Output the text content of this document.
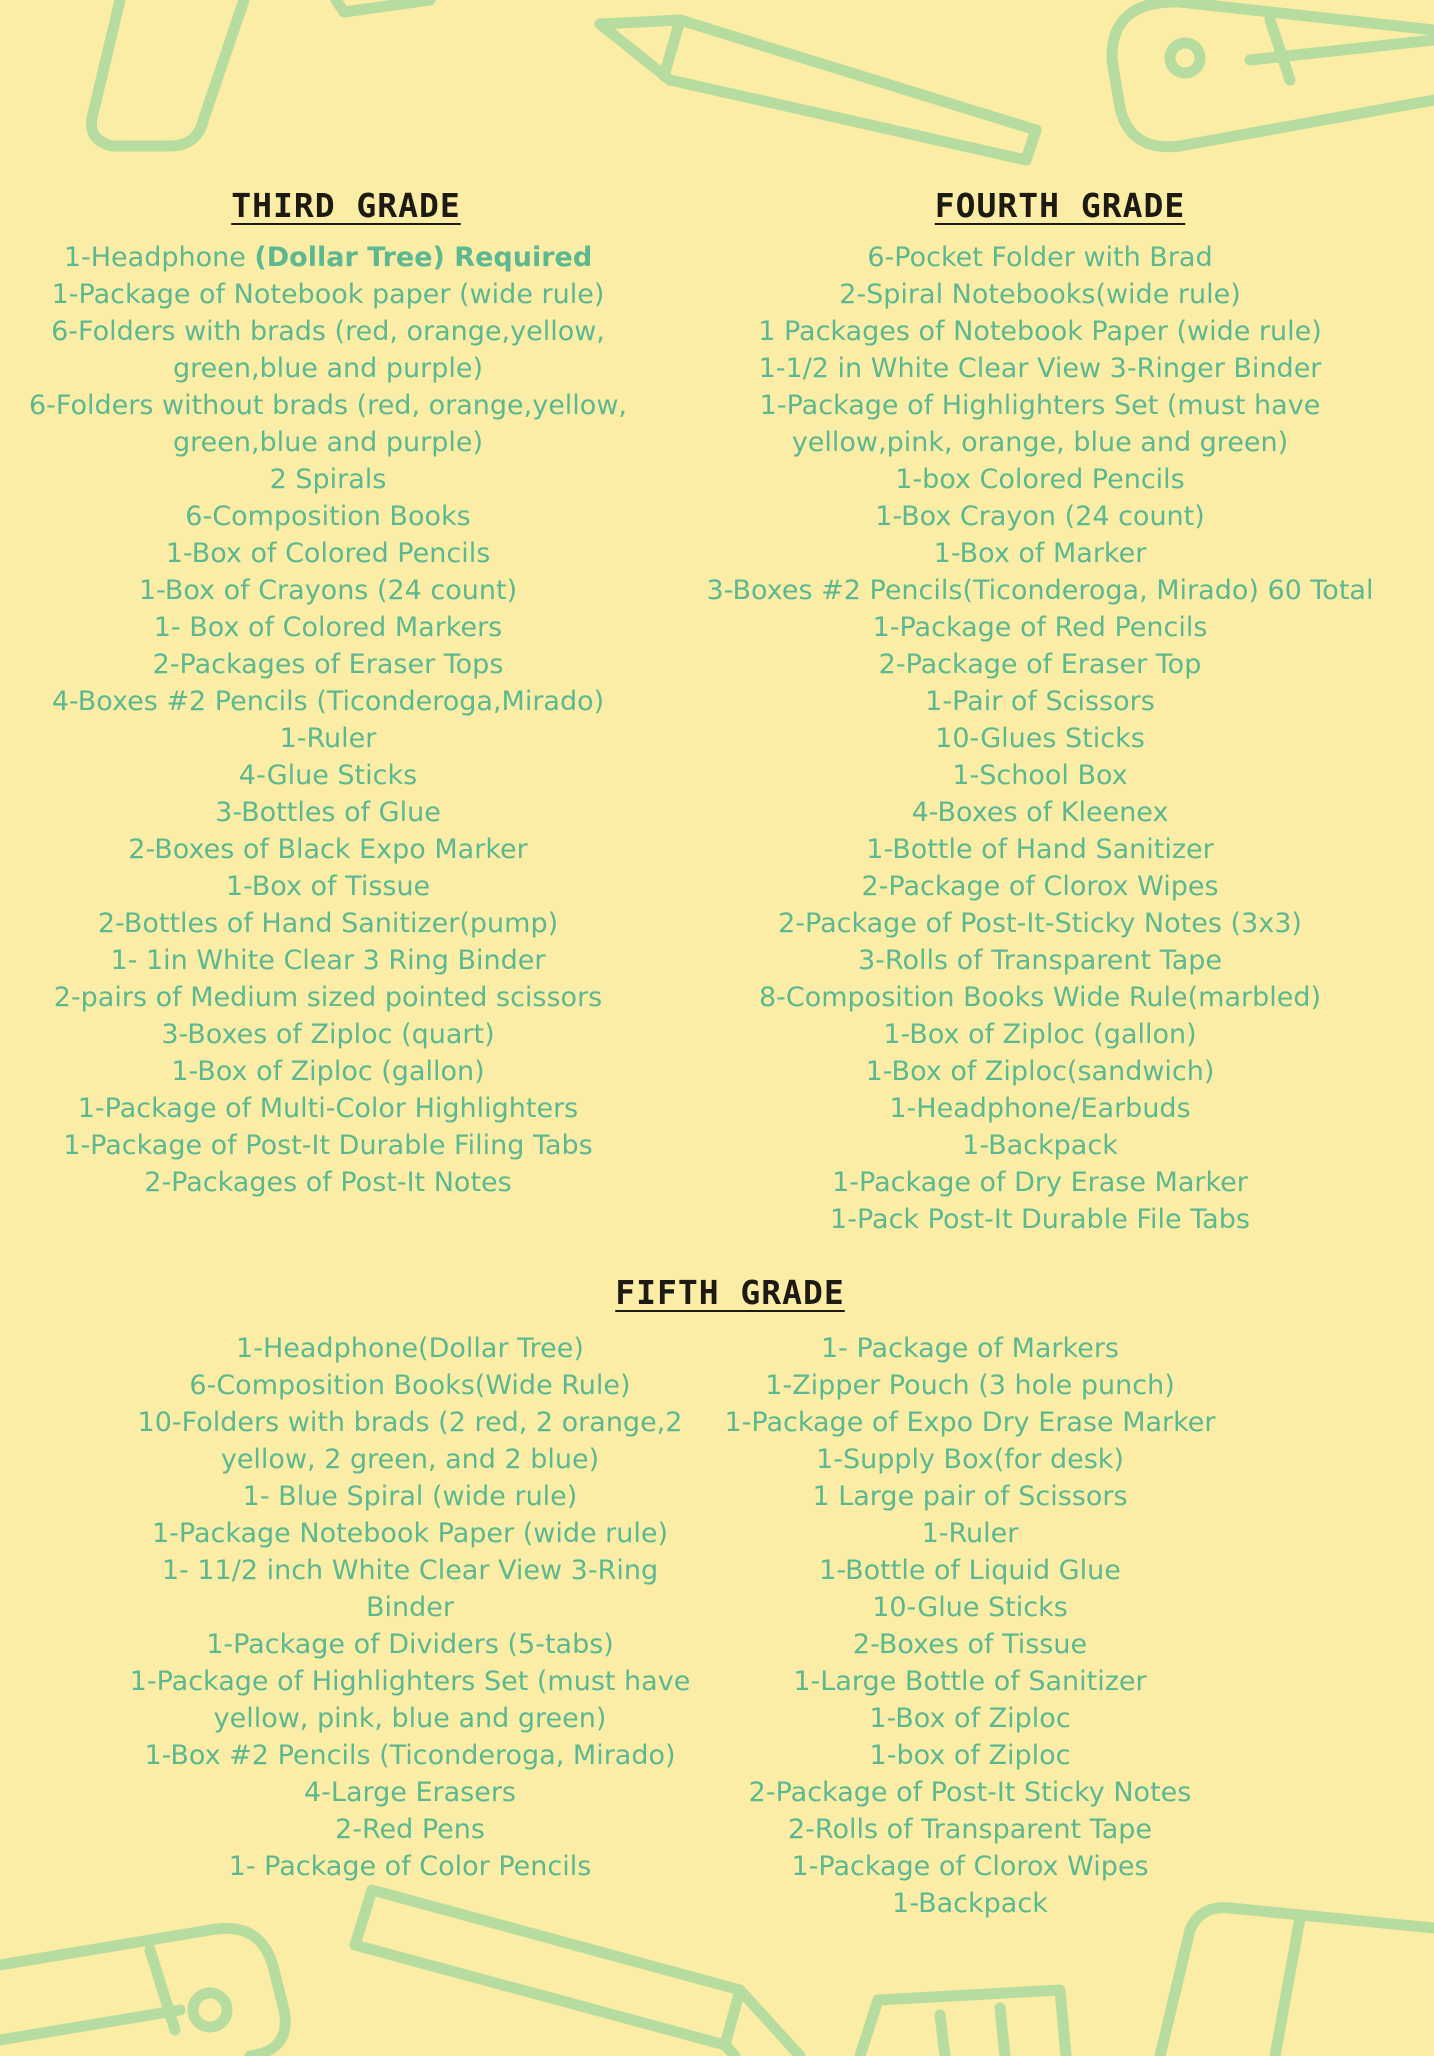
THIRD GRADE
1-Headphone (Dollar Tree) Required
1-Package of Notebook paper (wide rule)
6-Folders with brads (red, orange,yellow, green,blue and purple)
6-Folders without brads (red, orange,yellow, green,blue and purple)
2 Spirals
6-Composition Books
1-Box of Colored Pencils
1-Box of Crayons (24 count)
1- Box of Colored Markers
2-Packages of Eraser Tops
4-Boxes #2 Pencils (Ticonderoga,Mirado)
1-Ruler
4-Glue Sticks
3-Bottles of Glue
2-Boxes of Black Expo Marker
1-Box of Tissue
2-Bottles of Hand Sanitizer(pump)
1- 1in White Clear 3 Ring Binder
2-pairs of Medium sized pointed scissors
3-Boxes of Ziploc (quart)
1-Box of Ziploc (gallon)
1-Package of Multi-Color Highlighters
1-Package of Post-It Durable Filing Tabs
2-Packages of Post-It Notes
FOURTH GRADE
6-Pocket Folder with Brad
2-Spiral Notebooks(wide rule)
1 Packages of Notebook Paper (wide rule)
1-1/2 in White Clear View 3-Ringer Binder
1-Package of Highlighters Set (must have yellow,pink, orange, blue and green)
1-box Colored Pencils
1-Box Crayon (24 count)
1-Box of Marker
3-Boxes #2 Pencils(Ticonderoga, Mirado) 60 Total
1-Package of Red Pencils
2-Package of Eraser Top
1-Pair of Scissors
10-Glues Sticks
1-School Box
4-Boxes of Kleenex
1-Bottle of Hand Sanitizer
2-Package of Clorox Wipes
2-Package of Post-It-Sticky Notes (3x3)
3-Rolls of Transparent Tape
8-Composition Books Wide Rule(marbled)
1-Box of Ziploc (gallon)
1-Box of Ziploc(sandwich)
1-Headphone/Earbuds
1-Backpack
1-Package of Dry Erase Marker
1-Pack Post-It Durable File Tabs
FIFTH GRADE
1-Headphone(Dollar Tree)
6-Composition Books(Wide Rule)
10-Folders with brads (2 red, 2 orange,2 yellow, 2 green, and 2 blue)
1- Blue Spiral (wide rule)
1-Package Notebook Paper (wide rule)
1- 11/2 inch White Clear View 3-Ring Binder
1-Package of Dividers (5-tabs)
1-Package of Highlighters Set (must have yellow, pink, blue and green)
1-Box #2 Pencils (Ticonderoga, Mirado)
4-Large Erasers
2-Red Pens
1- Package of Color Pencils
1- Package of Markers
1-Zipper Pouch (3 hole punch)
1-Package of Expo Dry Erase Marker
1-Supply Box(for desk)
1 Large pair of Scissors
1-Ruler
1-Bottle of Liquid Glue
10-Glue Sticks
2-Boxes of Tissue
1-Large Bottle of Sanitizer
1-Box of Ziploc
1-box of Ziploc
2-Package of Post-It Sticky Notes
2-Rolls of Transparent Tape
1-Package of Clorox Wipes
1-Backpack
